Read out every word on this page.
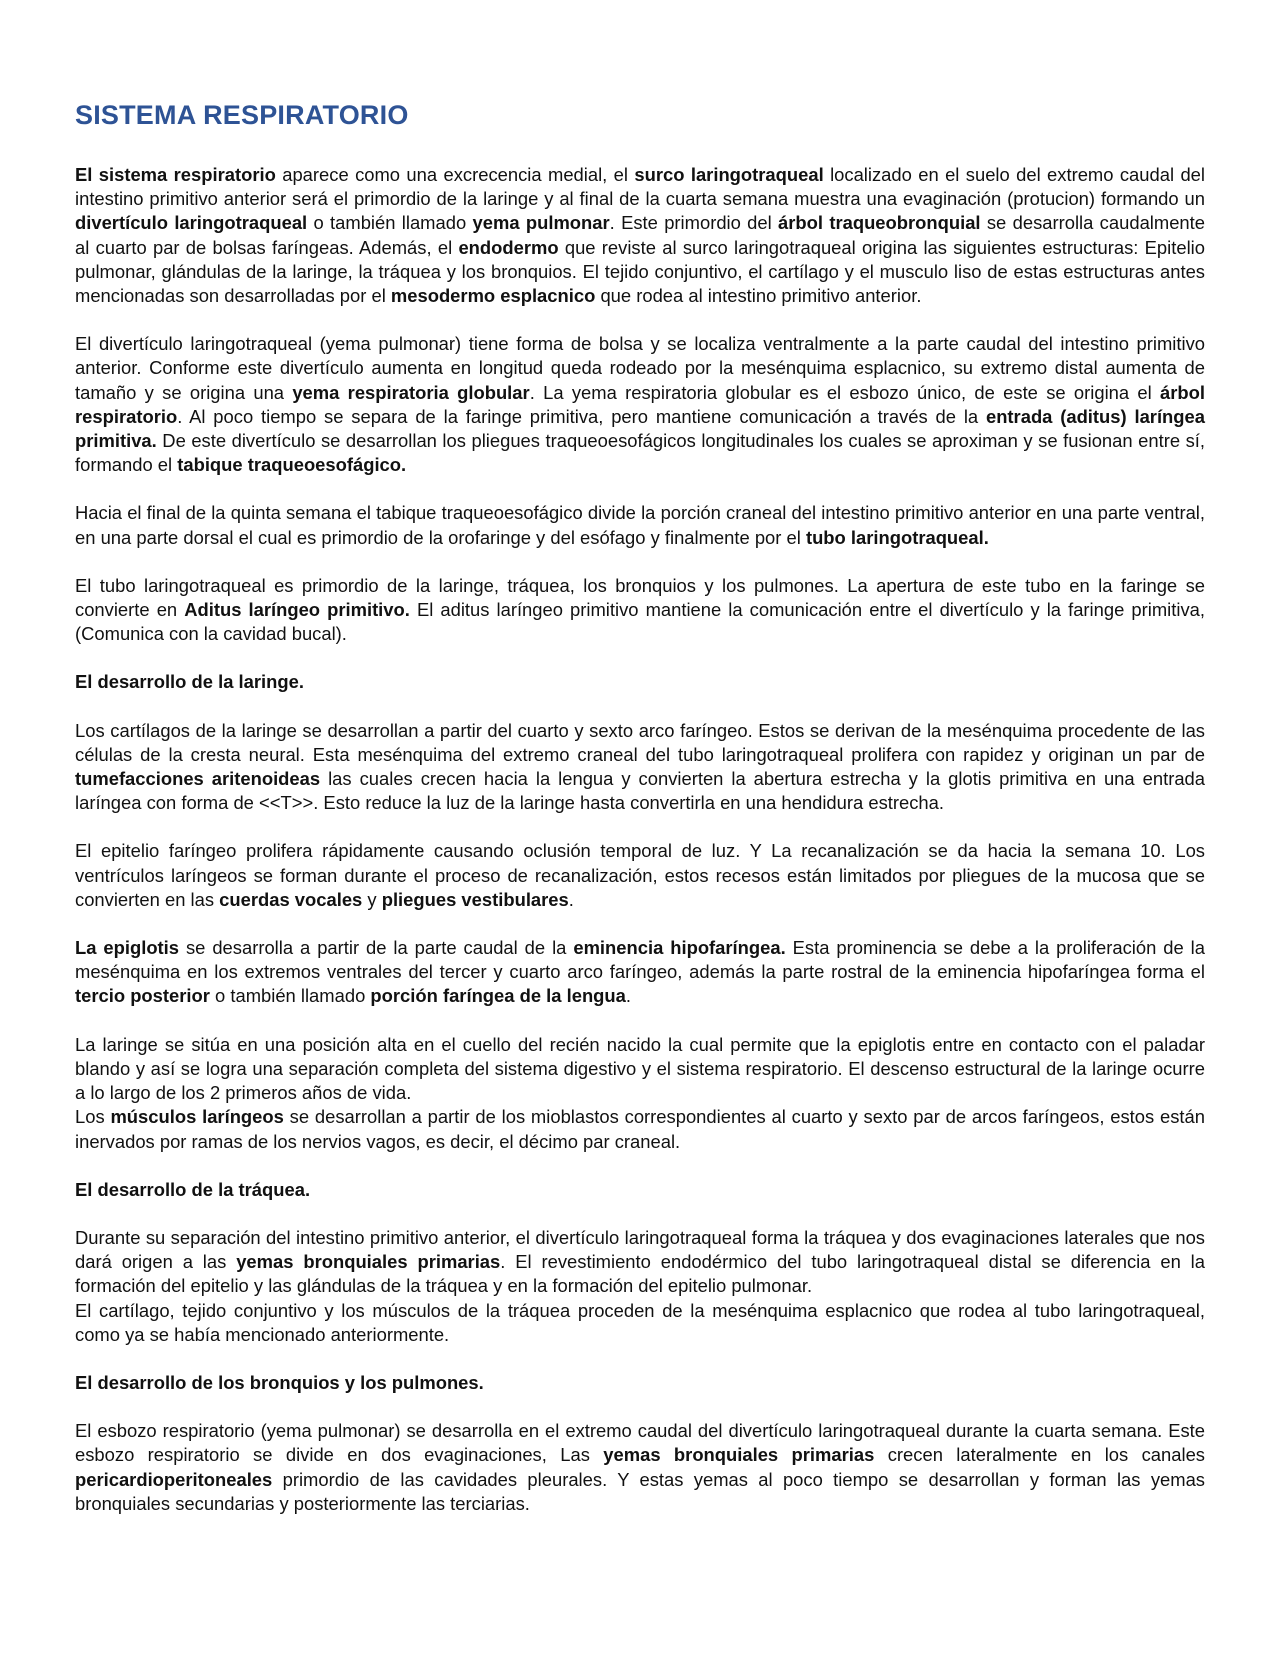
SISTEMA RESPIRATORIO

El sistema respiratorio aparece como una excrecencia medial, el surco laringotraqueal localizado en el suelo del extremo caudal del intestino primitivo anterior será el primordio de la laringe y al final de la cuarta semana muestra una evaginación (protucion) formando un divertículo laringotraqueal o también llamado yema pulmonar. Este primordio del árbol traqueobronquial se desarrolla caudalmente al cuarto par de bolsas faríngeas. Además, el endodermo que reviste al surco laringotraqueal origina las siguientes estructuras: Epitelio pulmonar, glándulas de la laringe, la tráquea y los bronquios. El tejido conjuntivo, el cartílago y el musculo liso de estas estructuras antes mencionadas son desarrolladas por el mesodermo esplacnico que rodea al intestino primitivo anterior.

El divertículo laringotraqueal (yema pulmonar) tiene forma de bolsa y se localiza ventralmente a la parte caudal del intestino primitivo anterior. Conforme este divertículo aumenta en longitud queda rodeado por la mesénquima esplacnico, su extremo distal aumenta de tamaño y se origina una yema respiratoria globular. La yema respiratoria globular es el esbozo único, de este se origina el árbol respiratorio. Al poco tiempo se separa de la faringe primitiva, pero mantiene comunicación a través de la entrada (aditus) laríngea primitiva. De este divertículo se desarrollan los pliegues traqueoesofágicos longitudinales los cuales se aproximan y se fusionan entre sí, formando el tabique traqueoesofágico.

Hacia el final de la quinta semana el tabique traqueoesofágico divide la porción craneal del intestino primitivo anterior en una parte ventral, en una parte dorsal el cual es primordio de la orofaringe y del esófago y finalmente por el tubo laringotraqueal.

El tubo laringotraqueal es primordio de la laringe, tráquea, los bronquios y los pulmones. La apertura de este tubo en la faringe se convierte en Aditus laríngeo primitivo. El aditus laríngeo primitivo mantiene la comunicación entre el divertículo y la faringe primitiva, (Comunica con la cavidad bucal).

El desarrollo de la laringe.

Los cartílagos de la laringe se desarrollan a partir del cuarto y sexto arco faríngeo. Estos se derivan de la mesénquima procedente de las células de la cresta neural. Esta mesénquima del extremo craneal del tubo laringotraqueal prolifera con rapidez y originan un par de tumefacciones aritenoideas las cuales crecen hacia la lengua y convierten la abertura estrecha y la glotis primitiva en una entrada laríngea con forma de <<T>>. Esto reduce la luz de la laringe hasta convertirla en una hendidura estrecha.

El epitelio faríngeo prolifera rápidamente causando oclusión temporal de luz. Y La recanalización se da hacia la semana 10. Los ventrículos laríngeos se forman durante el proceso de recanalización, estos recesos están limitados por pliegues de la mucosa que se convierten en las cuerdas vocales y pliegues vestibulares.

La epiglotis se desarrolla a partir de la parte caudal de la eminencia hipofaríngea. Esta prominencia se debe a la proliferación de la mesénquima en los extremos ventrales del tercer y cuarto arco faríngeo, además la parte rostral de la eminencia hipofaríngea forma el tercio posterior o también llamado porción faríngea de la lengua.

La laringe se sitúa en una posición alta en el cuello del recién nacido la cual permite que la epiglotis entre en contacto con el paladar blando y así se logra una separación completa del sistema digestivo y el sistema respiratorio. El descenso estructural de la laringe ocurre a lo largo de los 2 primeros años de vida.

Los músculos laríngeos se desarrollan a partir de los mioblastos correspondientes al cuarto y sexto par de arcos faríngeos, estos están inervados por ramas de los nervios vagos, es decir, el décimo par craneal.

El desarrollo de la tráquea.

Durante su separación del intestino primitivo anterior, el divertículo laringotraqueal forma la tráquea y dos evaginaciones laterales que nos dará origen a las yemas bronquiales primarias. El revestimiento endodérmico del tubo laringotraqueal distal se diferencia en la formación del epitelio y las glándulas de la tráquea y en la formación del epitelio pulmonar.

El cartílago, tejido conjuntivo y los músculos de la tráquea proceden de la mesénquima esplacnico que rodea al tubo laringotraqueal, como ya se había mencionado anteriormente.

El desarrollo de los bronquios y los pulmones.

El esbozo respiratorio (yema pulmonar) se desarrolla en el extremo caudal del divertículo laringotraqueal durante la cuarta semana. Este esbozo respiratorio se divide en dos evaginaciones, Las yemas bronquiales primarias crecen lateralmente en los canales pericardioperitoneales primordio de las cavidades pleurales. Y estas yemas al poco tiempo se desarrollan y forman las yemas bronquiales secundarias y posteriormente las terciarias.
